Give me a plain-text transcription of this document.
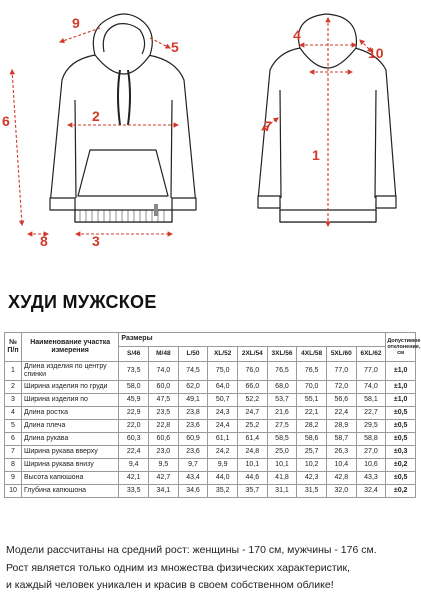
1
2
3
4
5
6	7
8
9
10
ХУДИ МУЖСКОЕ
№ П/п	Наименование участка измерения	Размеры									Допустимое отклонение, см
		S/46	M/48	L/50	XL/52	2XL/54	3XL/56	4XL/58	5XL/60	6XL/62	
1	Длина изделия по центру спинки	73,5	74,0	74,5	75,0	76,0	76,5	76,5	77,0	77,0	±1,0
2	Ширина изделия по груди	58,0	60,0	62,0	64,0	66,0	68,0	70,0	72,0	74,0	±1,0
3	Ширина изделия по	45,9	47,5	49,1	50,7	52,2	53,7	55,1	56,6	58,1	±1,0
4	Длина ростка	22,9	23,5	23,8	24,3	24,7	21,6	22,1	22,4	22,7	±0,5
5	Длина плеча	22,0	22,8	23,6	24,4	25,2	27,5	28,2	28,9	29,5	±0,5
6	Длина рукава	60,3	60,6	60,9	61,1	61,4	58,5	58,6	58,7	58,8	±0,5
7	Ширина рукава вверху	22,4	23,0	23,6	24,2	24,8	25,0	25,7	26,3	27,0	±0,3
8	Ширина рукава внизу	9,4	9,5	9,7	9,9	10,1	10,1	10,2	10,4	10,6	±0,2
9	Высота капюшона	42,1	42,7	43,4	44,0	44,6	41,8	42,3	42,8	43,3	±0,5
10	Глубина капюшона	33,5	34,1	34,6	35,2	35,7	31,1	31,5	32,0	32,4	±0,2
Модели рассчитаны на средний рост: женщины - 170 см, мужчины - 176 см.
Рост является только одним из множества физических характеристик,
и каждый человек уникален и красив в своем собственном облике!
